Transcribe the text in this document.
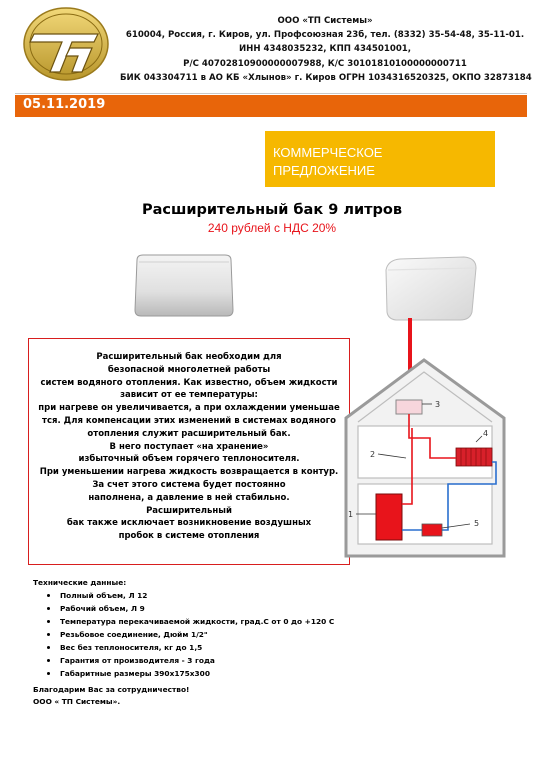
ООО «ТП Системы»
610004, Россия, г. Киров, ул. Профсоюзная 23б, тел. (8332) 35-54-48, 35-11-01.
ИНН 4348035232, КПП 434501001,
Р/С 40702810900000007988, К/С 30101810100000000711
БИК 043304711 в АО КБ «Хлынов» г. Киров ОГРН 1034316520325, ОКПО 32873184
05.11.2019
КОММЕРЧЕСКОЕ
ПРЕДЛОЖЕНИЕ
Расширительный бак 9 литров
240 рублей с НДС 20%
Расширительный бак необходим для
безопасной многолетней работы
систем водяного отопления. Как известно, объем жидкости
зависит от ее температуры:
при нагреве он увеличивается, а при охлаждении уменьшае
тся. Для компенсации этих изменений в системах водяного
отопления служит расширительный бак.
В него поступает «на хранение»
избыточный объем горячего теплоносителя.
При уменьшении нагрева жидкость возвращается в контур.
За счет этого система будет постоянно
наполнена, а давление в ней стабильно.
Расширительный
бак также исключает возникновение воздушных
пробок в системе отопления
1
2
3
4
5
Технические данные:
Полный объем, Л 12
Рабочий объем, Л 9
Температура перекачиваемой жидкости, град.С от 0 до +120 С
Резьбовое соединение, Дюйм 1/2"
Вес без теплоносителя, кг до 1,5
Гарантия от производителя - 3 года
Габаритные размеры 390х175х300
Благодарим Вас за сотрудничество!
ООО « ТП Системы».
